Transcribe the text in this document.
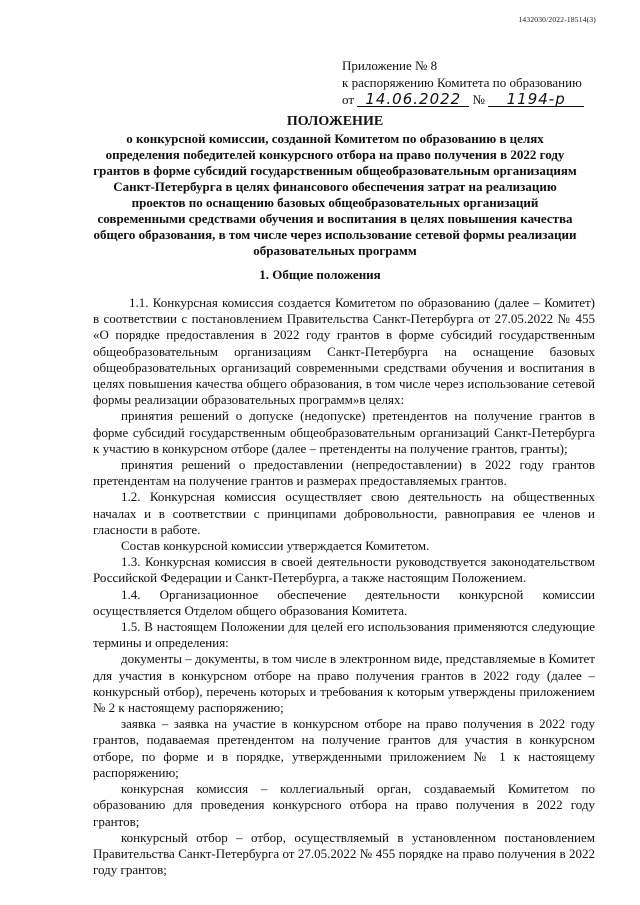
1432030/2022-18514(3)
Приложение № 8
к распоряжению Комитета по образованию
от 14.06.2022 № 1194-р
ПОЛОЖЕНИЕ
о конкурсной комиссии, созданной Комитетом по образованию в целях определения победителей конкурсного отбора на право получения в 2022 году грантов в форме субсидий государственным общеобразовательным организациям Санкт-Петербурга в целях финансового обеспечения затрат на реализацию проектов по оснащению базовых общеобразовательных организаций современными средствами обучения и воспитания в целях повышения качества общего образования, в том числе через использование сетевой формы реализации образовательных программ
1. Общие положения

1.1. Конкурсная комиссия создается Комитетом по образованию (далее – Комитет) в соответствии с постановлением Правительства Санкт-Петербурга от 27.05.2022 № 455 «О порядке предоставления в 2022 году грантов в форме субсидий государственным общеобразовательным организациям Санкт-Петербурга на оснащение базовых общеобразовательных организаций современными средствами обучения и воспитания в целях повышения качества общего образования, в том числе через использование сетевой формы реализации образовательных программ»в целях:

принятия решений о допуске (недопуске) претендентов на получение грантов в форме субсидий государственным общеобразовательным организаций Санкт-Петербурга к участию в конкурсном отборе (далее – претенденты на получение грантов, гранты);

принятия решений о предоставлении (непредоставлении) в 2022 году грантов претендентам на получение грантов и размерах предоставляемых грантов.

1.2. Конкурсная комиссия осуществляет свою деятельность на общественных началах и в соответствии с принципами добровольности, равноправия ее членов и гласности в работе.

Состав конкурсной комиссии утверждается Комитетом.

1.3. Конкурсная комиссия в своей деятельности руководствуется законодательством Российской Федерации и Санкт-Петербурга, а также настоящим Положением.

1.4. Организационное обеспечение деятельности конкурсной комиссии осуществляется Отделом общего образования Комитета.

1.5. В настоящем Положении для целей его использования применяются следующие термины и определения:

документы – документы, в том числе в электронном виде, представляемые в Комитет для участия в конкурсном отборе на право получения грантов в 2022 году (далее – конкурсный отбор), перечень которых и требования к которым утверждены приложением № 2 к настоящему распоряжению;

заявка – заявка на участие в конкурсном отборе на право получения в 2022 году грантов, подаваемая претендентом на получение грантов для участия в конкурсном отборе, по форме и в порядке, утвержденными приложением № 1 к настоящему распоряжению;

конкурсная комиссия – коллегиальный орган, создаваемый Комитетом по образованию для проведения конкурсного отбора на право получения в 2022 году грантов;

конкурсный отбор – отбор, осуществляемый в установленном постановлением Правительства Санкт-Петербурга от 27.05.2022 № 455 порядке на право получения в 2022 году грантов;
